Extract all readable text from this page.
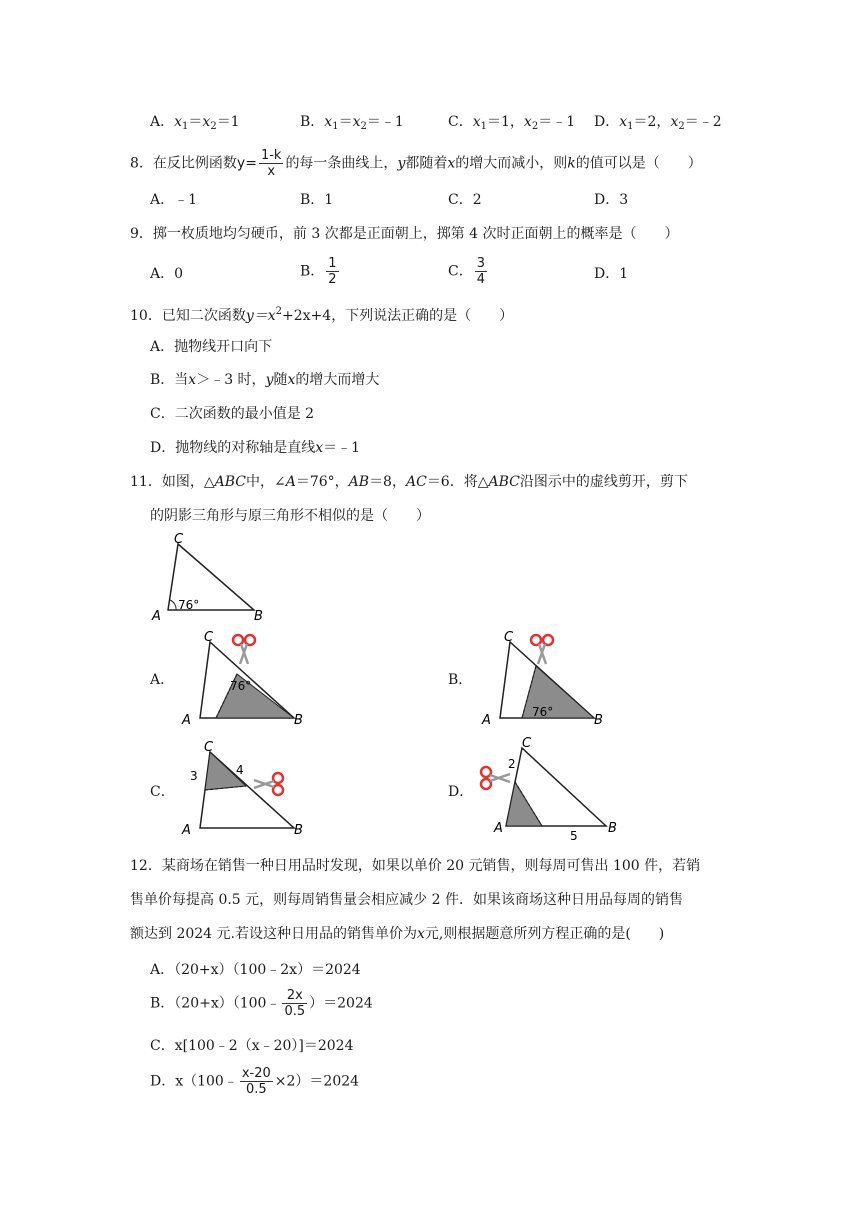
A．$x_1=x_2=1$	B．$x_1=x_2=﹣1$	C．$x_1=1$，$x_2=﹣1$ D．$x_1=2$，$x_2=﹣2$
8．在反比例函数$y= \frac{1-k}{x}$ 的每一条曲线上，y都随着x的增大而减小，则k的值可以是（　　）
A．﹣1	B．1	C．2	D．3
9．掷一枚质地均匀硬币，前 3 次都是正面朝上，掷第 4 次时正面朝上的概率是（　　）
A．0	B． $\frac{1}{2}$	C． $\frac{3}{4}$	D．1
10．已知二次函数$y=x^2+2x+4$，下列说法正确的是（　　）
A．抛物线开口向下
B．当x＞﹣3 时，y随x的增大而增大
C．二次函数的最小值是 2
D．抛物线的对称轴是直线x＝﹣1
11．如图，△ABC中，∠A＝76°，AB＝8，AC＝6．将△ABC沿图示中的虚线剪开，剪下
的阴影三角形与原三角形不相似的是（　　）
C
A	B
76°
A．
C
A	B
76°	B．
C
A	B
76°
C．
C
A	B
3	4
D．
C
A	B
2
5
12．某商场在销售一种日用品时发现，如果以单价 20 元销售，则每周可售出 100 件，若销
售单价每提高 0.5 元，则每周销售量会相应减少 2 件．如果该商场这种日用品每周的销售
额达到 2024 元.若设这种日用品的销售单价为x元,则根据题意所列方程正确的是(　　)
A．（20+x）（100﹣2x）＝2024
B．（20+x）（100﹣ $\frac{2x}{0.5} )=2024$
C．x[100﹣2（x﹣20）]＝2024
D．x（100﹣ $\frac{x-20}{0.5} \times 2)=2024$
